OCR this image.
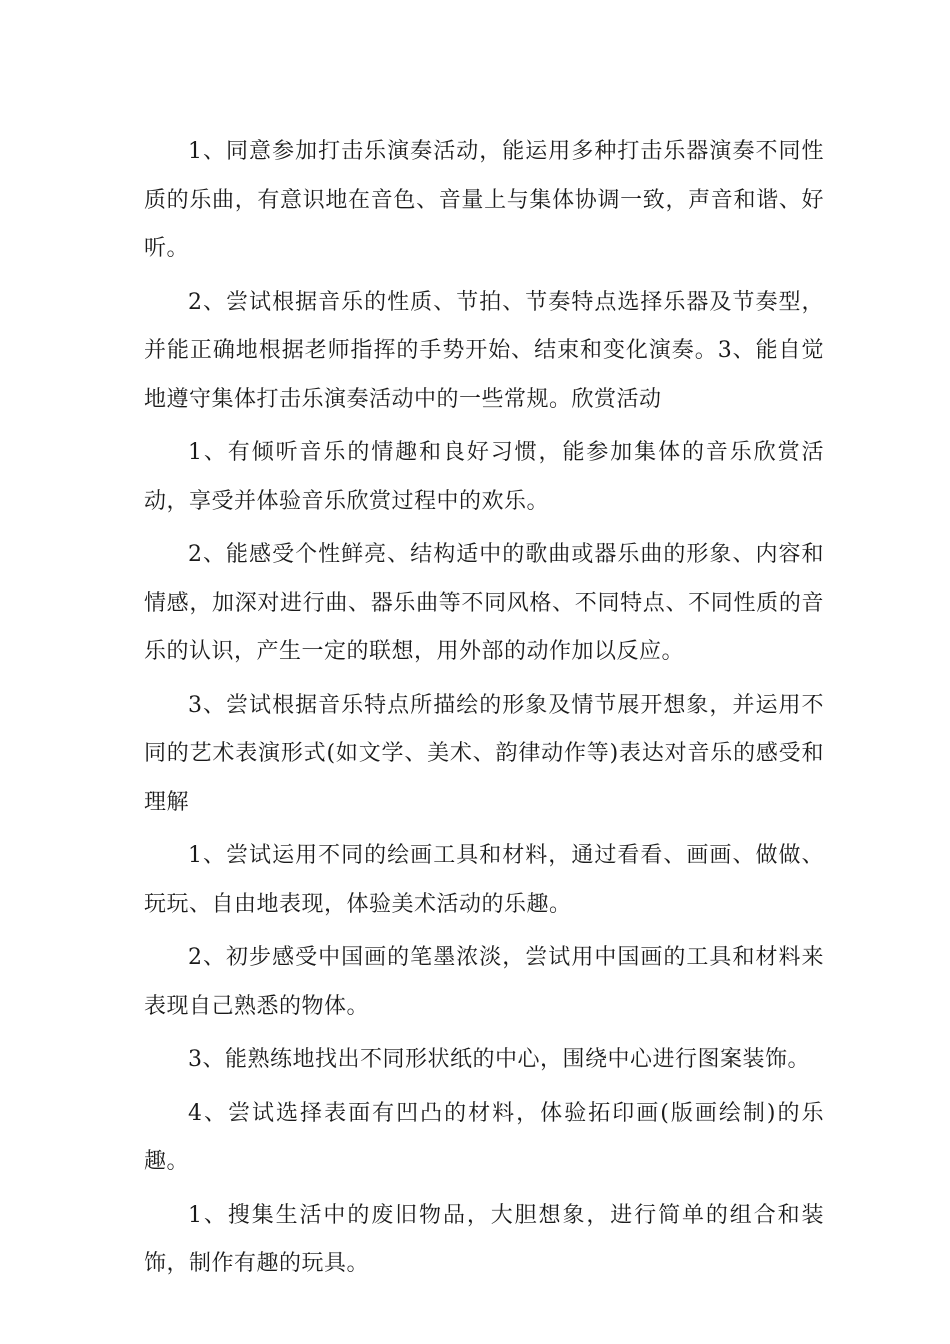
1、同意参加打击乐演奏活动，能运用多种打击乐器演奏不同性质的乐曲，有意识地在音色、音量上与集体协调一致，声音和谐、好听。

2、尝试根据音乐的性质、节拍、节奏特点选择乐器及节奏型，并能正确地根据老师指挥的手势开始、结束和变化演奏。3、能自觉地遵守集体打击乐演奏活动中的一些常规。欣赏活动

1、有倾听音乐的情趣和良好习惯，能参加集体的音乐欣赏活动，享受并体验音乐欣赏过程中的欢乐。

2、能感受个性鲜亮、结构适中的歌曲或器乐曲的形象、内容和情感，加深对进行曲、器乐曲等不同风格、不同特点、不同性质的音乐的认识，产生一定的联想，用外部的动作加以反应。

3、尝试根据音乐特点所描绘的形象及情节展开想象，并运用不同的艺术表演形式(如文学、美术、韵律动作等)表达对音乐的感受和理解

1、尝试运用不同的绘画工具和材料，通过看看、画画、做做、玩玩、自由地表现，体验美术活动的乐趣。

2、初步感受中国画的笔墨浓淡，尝试用中国画的工具和材料来表现自己熟悉的物体。

3、能熟练地找出不同形状纸的中心，围绕中心进行图案装饰。

4、尝试选择表面有凹凸的材料，体验拓印画(版画绘制)的乐趣。

1、搜集生活中的废旧物品，大胆想象，进行简单的组合和装饰，制作有趣的玩具。
